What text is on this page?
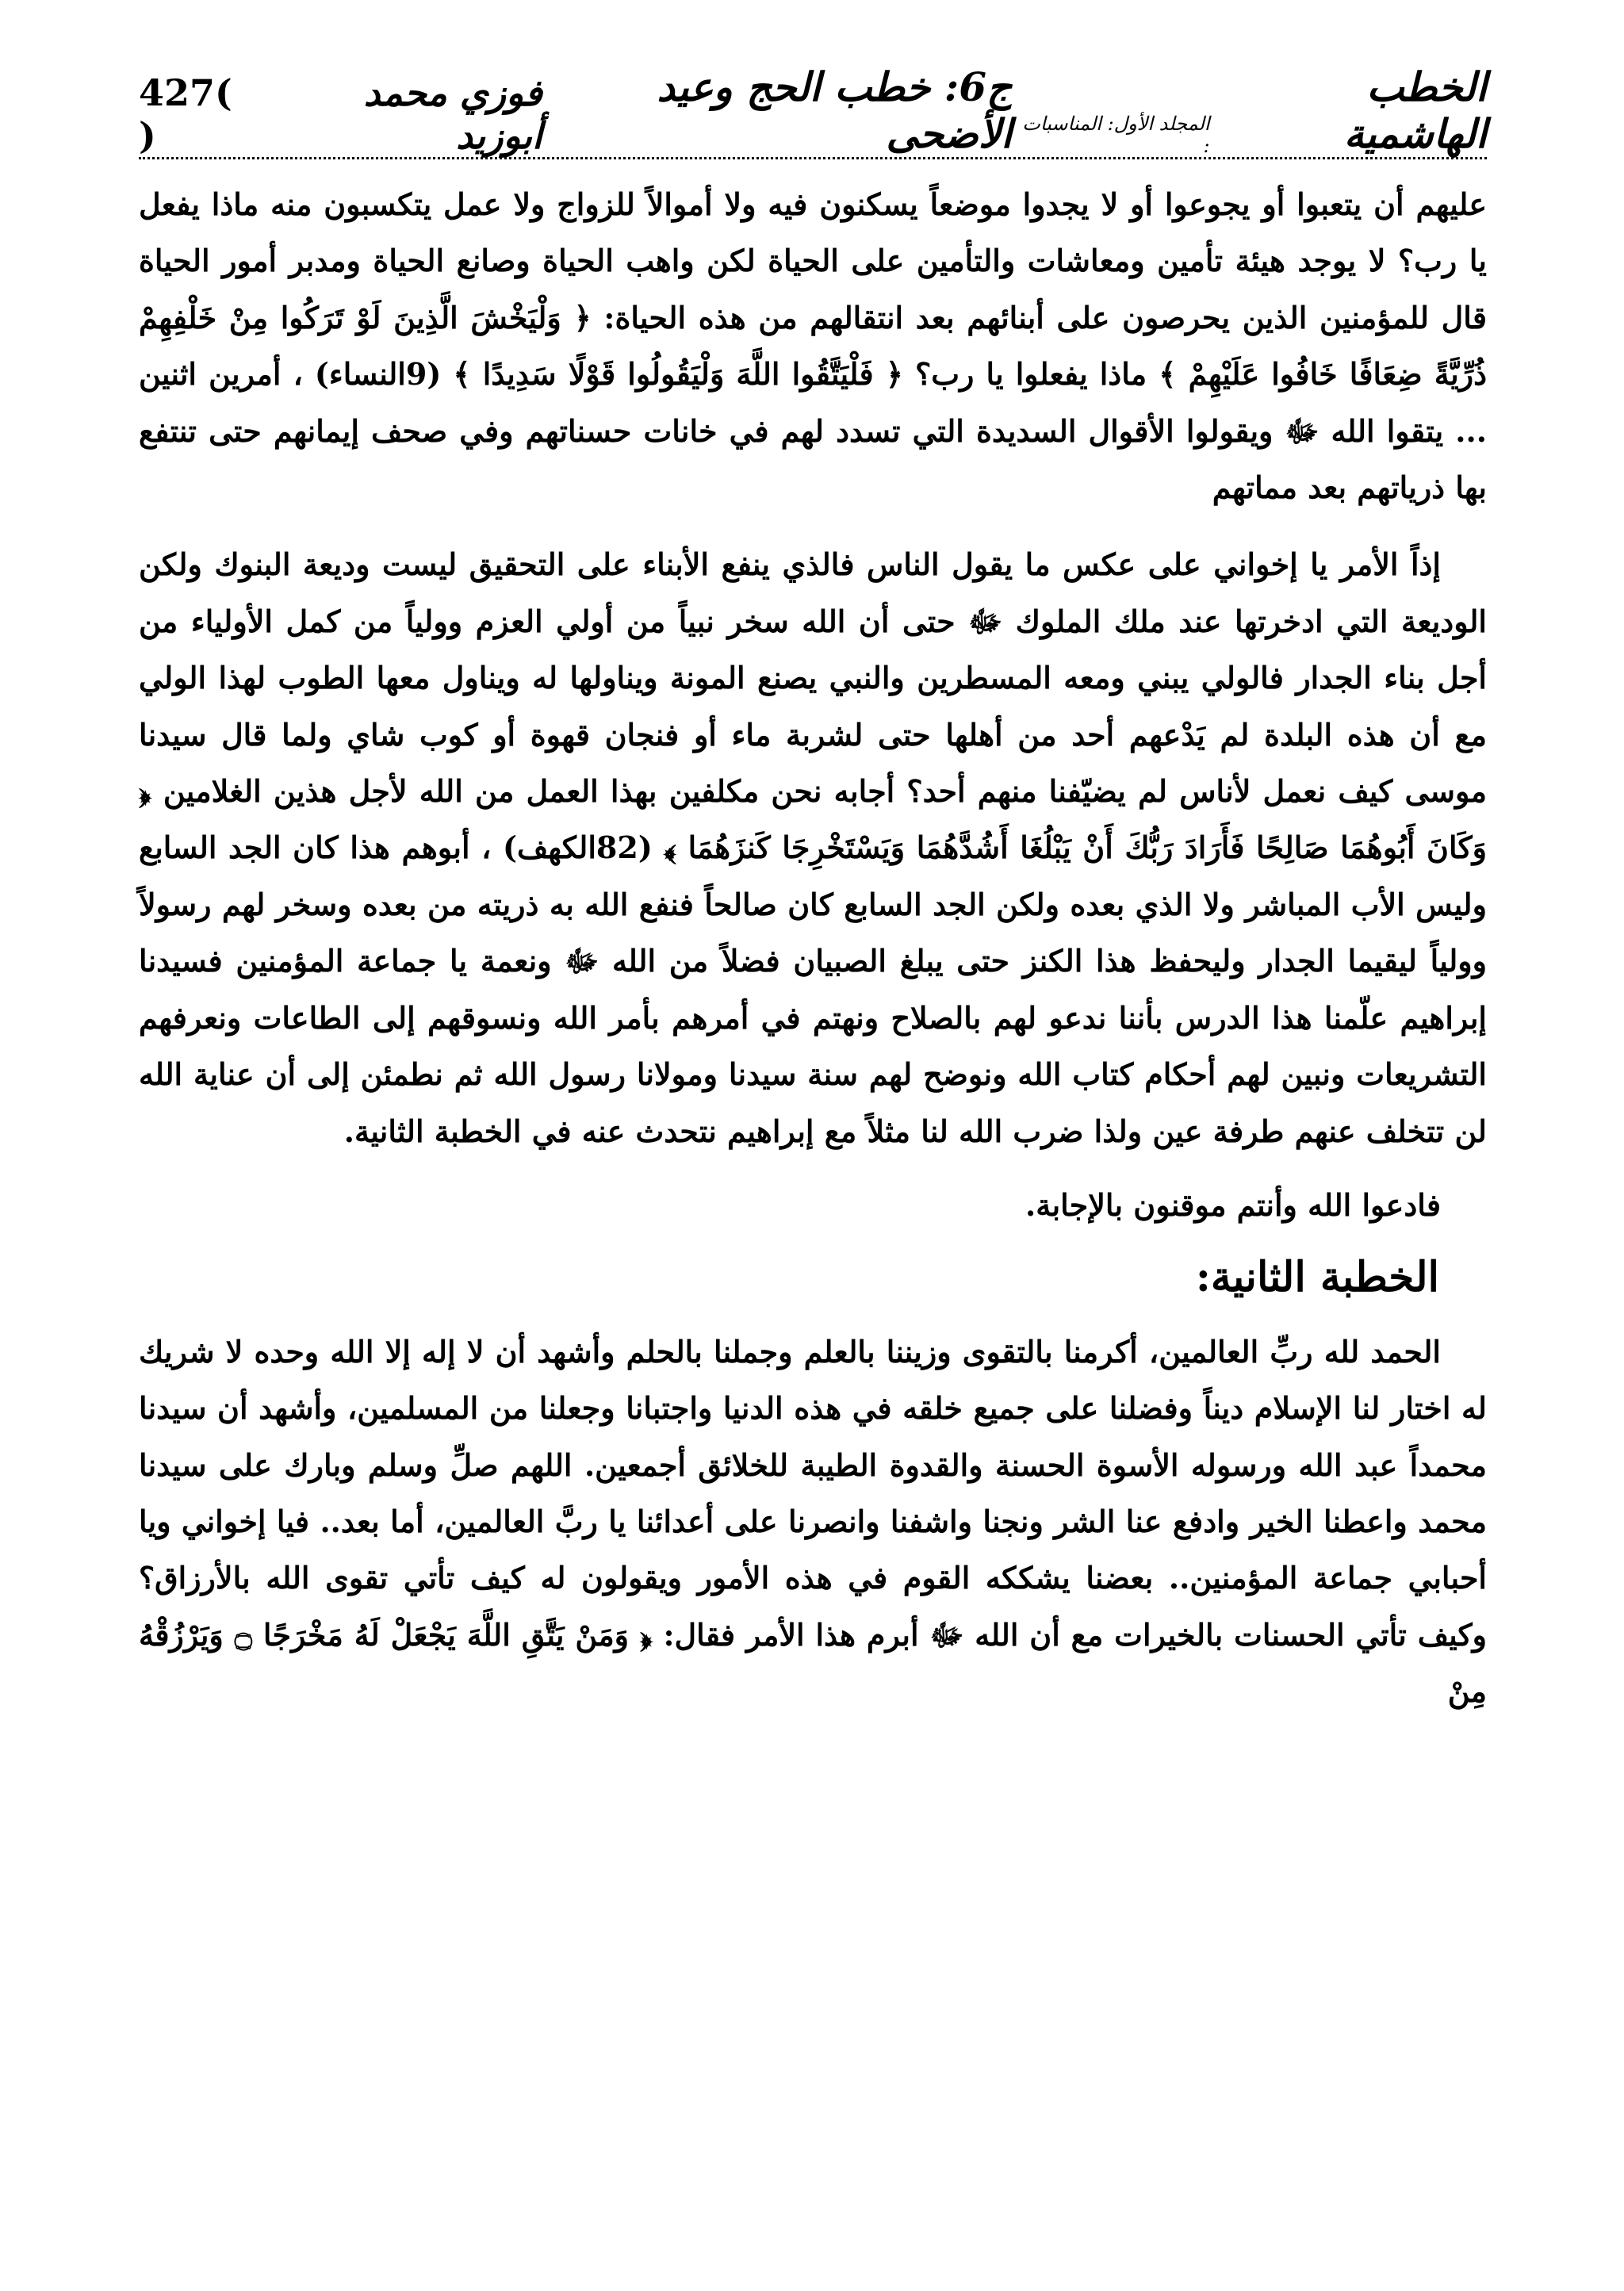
الخطب الهاشمية
المجلد الأول: المناسبات :
ج6: خطب الحج وعيد الأضحى
فوزي محمد أبوزيد
427( )

عليهم أن يتعبوا أو يجوعوا أو لا يجدوا موضعاً يسكنون فيه ولا أموالاً للزواج ولا عمل يتكسبون منه ماذا يفعل يا رب؟ لا يوجد هيئة تأمين ومعاشات والتأمين على الحياة لكن واهب الحياة وصانع الحياة ومدبر أمور الحياة قال للمؤمنين الذين يحرصون على أبنائهم بعد انتقالهم من هذه الحياة: ﴿ وَلْيَخْشَ الَّذِينَ لَوْ تَرَكُوا مِنْ خَلْفِهِمْ ذُرِّيَّةً ضِعَافًا خَافُوا عَلَيْهِمْ ﴾ ماذا يفعلوا يا رب؟ ﴿ فَلْيَتَّقُوا اللَّهَ وَلْيَقُولُوا قَوْلًا سَدِيدًا ﴾ (9النساء) ، أمرين اثنين ... يتقوا الله ﷻ ويقولوا الأقوال السديدة التي تسدد لهم في خانات حسناتهم وفي صحف إيمانهم حتى تنتفع بها ذرياتهم بعد مماتهم

إذاً الأمر يا إخواني على عكس ما يقول الناس فالذي ينفع الأبناء على التحقيق ليست وديعة البنوك ولكن الوديعة التي ادخرتها عند ملك الملوك ﷻ حتى أن الله سخر نبياً من أولي العزم وولياً من كمل الأولياء من أجل بناء الجدار فالولي يبني ومعه المسطرين والنبي يصنع المونة ويناولها له ويناول معها الطوب لهذا الولي مع أن هذه البلدة لم يَدْعهم أحد من أهلها حتى لشربة ماء أو فنجان قهوة أو كوب شاي ولما قال سيدنا موسى كيف نعمل لأناس لم يضيّفنا منهم أحد؟ أجابه نحن مكلفين بهذا العمل من الله لأجل هذين الغلامين ﴿ وَكَانَ أَبُوهُمَا صَالِحًا فَأَرَادَ رَبُّكَ أَنْ يَبْلُغَا أَشُدَّهُمَا وَيَسْتَخْرِجَا كَنزَهُمَا ﴾ (82الكهف) ، أبوهم هذا كان الجد السابع وليس الأب المباشر ولا الذي بعده ولكن الجد السابع كان صالحاً فنفع الله به ذريته من بعده وسخر لهم رسولاً وولياً ليقيما الجدار وليحفظ هذا الكنز حتى يبلغ الصبيان فضلاً من الله ﷻ ونعمة يا جماعة المؤمنين فسيدنا إبراهيم علّمنا هذا الدرس بأننا ندعو لهم بالصلاح ونهتم في أمرهم بأمر الله ونسوقهم إلى الطاعات ونعرفهم التشريعات ونبين لهم أحكام كتاب الله ونوضح لهم سنة سيدنا ومولانا رسول الله ثم نطمئن إلى أن عناية الله لن تتخلف عنهم طرفة عين ولذا ضرب الله لنا مثلاً مع إبراهيم نتحدث عنه في الخطبة الثانية.

فادعوا الله وأنتم موقنون بالإجابة.

الخطبة الثانية:

الحمد لله ربِّ العالمين، أكرمنا بالتقوى وزيننا بالعلم وجملنا بالحلم وأشهد أن لا إله إلا الله وحده لا شريك له اختار لنا الإسلام ديناً وفضلنا على جميع خلقه في هذه الدنيا واجتبانا وجعلنا من المسلمين، وأشهد أن سيدنا محمداً عبد الله ورسوله الأسوة الحسنة والقدوة الطيبة للخلائق أجمعين. اللهم صلِّ وسلم وبارك على سيدنا محمد واعطنا الخير وادفع عنا الشر ونجنا واشفنا وانصرنا على أعدائنا يا ربَّ العالمين، أما بعد.. فيا إخواني ويا أحبابي جماعة المؤمنين.. بعضنا يشككه القوم في هذه الأمور ويقولون له كيف تأتي تقوى الله بالأرزاق؟ وكيف تأتي الحسنات بالخيرات مع أن الله ﷻ أبرم هذا الأمر فقال: ﴿ وَمَنْ يَتَّقِ اللَّهَ يَجْعَلْ لَهُ مَخْرَجًا ۝ وَيَرْزُقْهُ مِنْ
